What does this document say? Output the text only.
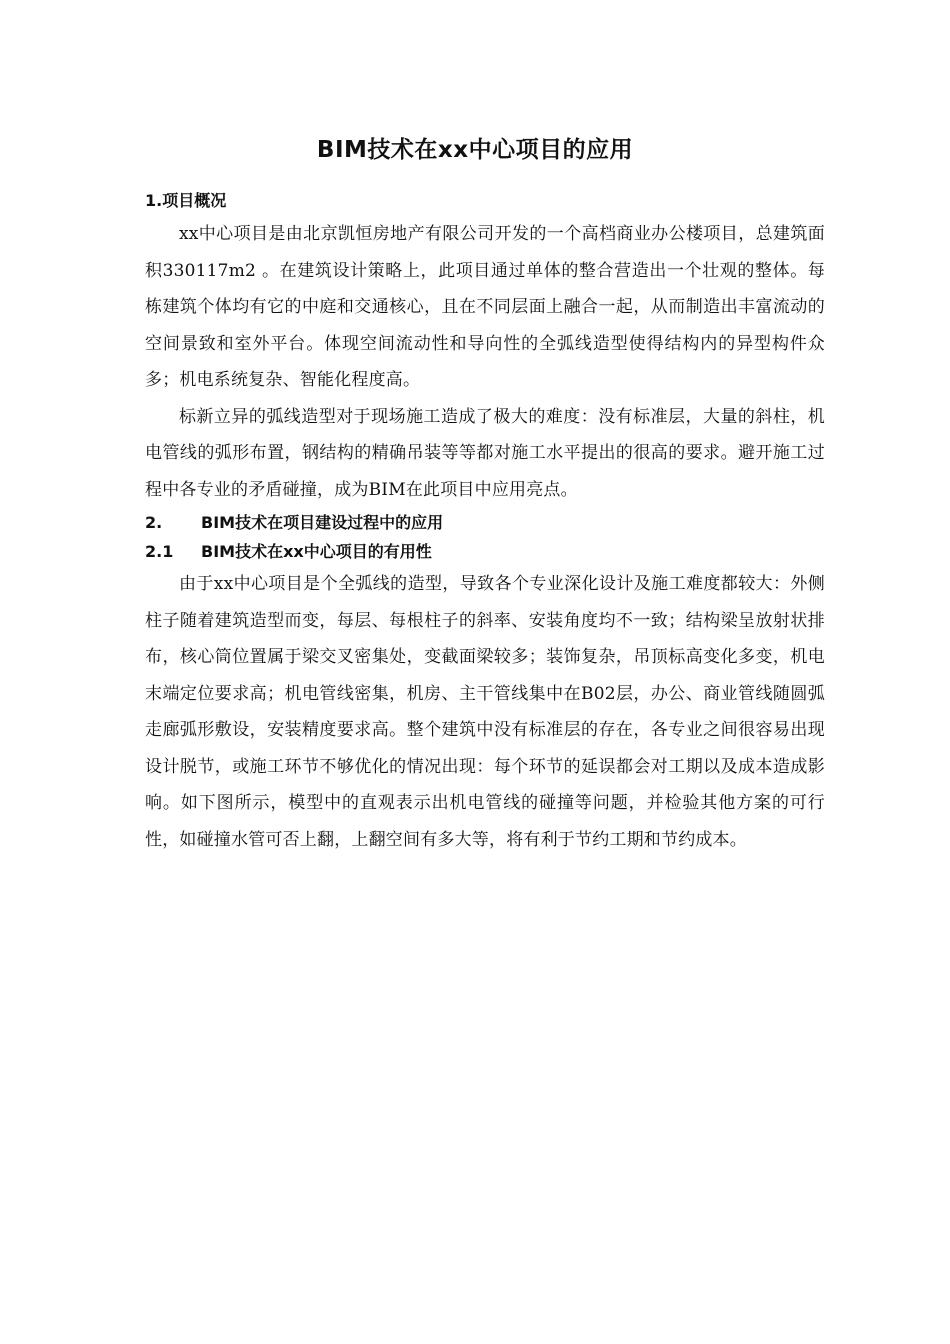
BIM技术在xx中心项目的应用
1.项目概况

xx中心项目是由北京凯恒房地产有限公司开发的一个高档商业办公楼项目，总建筑面积330117m2 。在建筑设计策略上，此项目通过单体的整合营造出一个壮观的整体。每栋建筑个体均有它的中庭和交通核心，且在不同层面上融合一起，从而制造出丰富流动的空间景致和室外平台。体现空间流动性和导向性的全弧线造型使得结构内的异型构件众多；机电系统复杂、智能化程度高。

标新立异的弧线造型对于现场施工造成了极大的难度：没有标准层，大量的斜柱，机电管线的弧形布置，钢结构的精确吊装等等都对施工水平提出的很高的要求。避开施工过程中各专业的矛盾碰撞，成为BIM在此项目中应用亮点。

2. BIM技术在项目建设过程中的应用
2.1 BIM技术在xx中心项目的有用性

由于xx中心项目是个全弧线的造型，导致各个专业深化设计及施工难度都较大：外侧柱子随着建筑造型而变，每层、每根柱子的斜率、安装角度均不一致；结构梁呈放射状排布，核心筒位置属于梁交叉密集处，变截面梁较多；装饰复杂，吊顶标高变化多变，机电末端定位要求高；机电管线密集，机房、主干管线集中在B02层，办公、商业管线随圆弧走廊弧形敷设，安装精度要求高。整个建筑中没有标准层的存在，各专业之间很容易出现设计脱节，或施工环节不够优化的情况出现：每个环节的延误都会对工期以及成本造成影响。如下图所示，模型中的直观表示出机电管线的碰撞等问题，并检验其他方案的可行性，如碰撞水管可否上翻，上翻空间有多大等，将有利于节约工期和节约成本。
